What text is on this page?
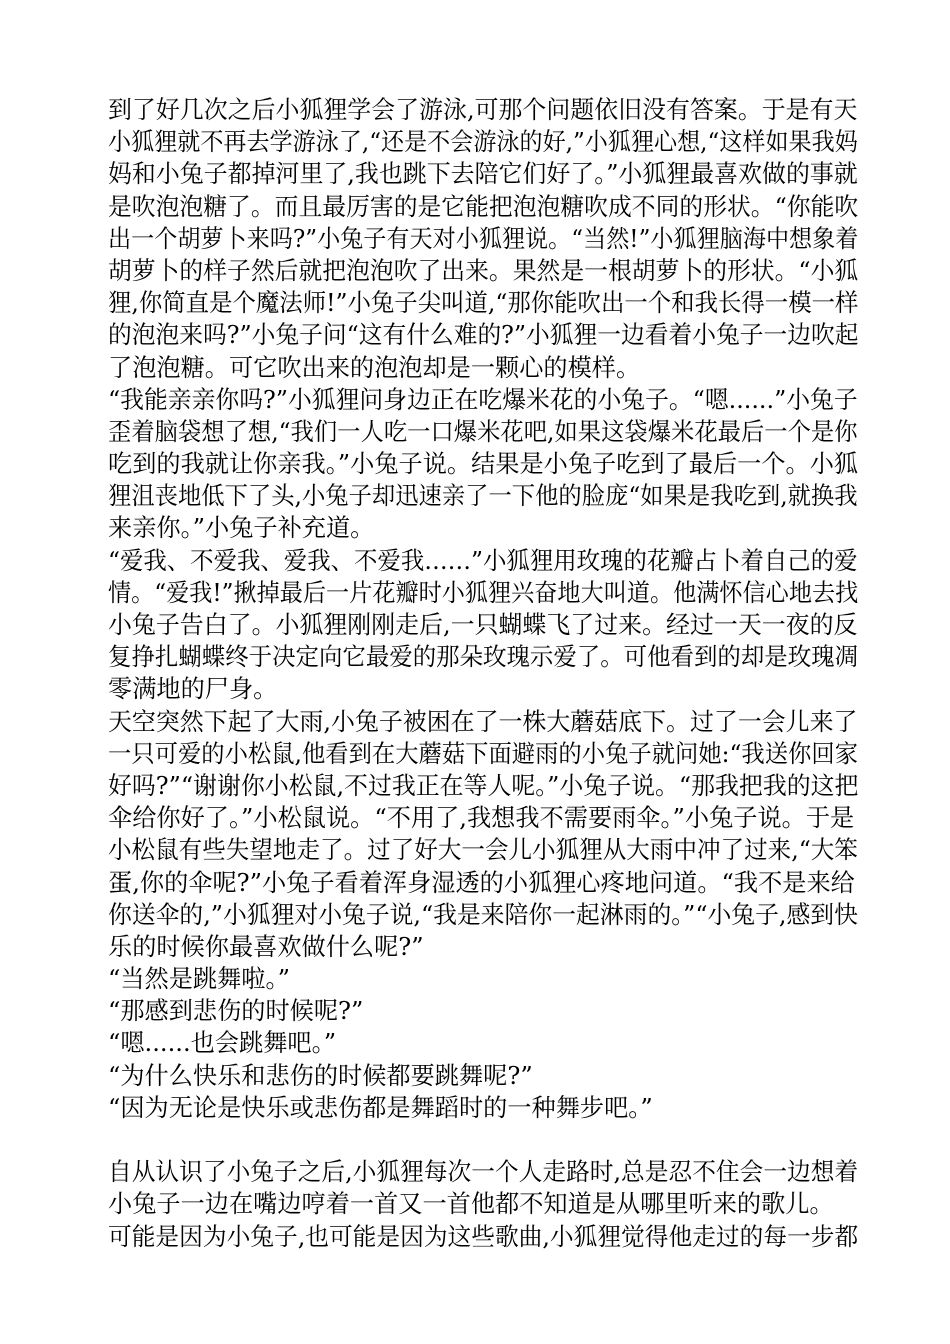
到了好几次之后小狐狸学会了游泳,可那个问题依旧没有答案。于是有天
小狐狸就不再去学游泳了,“还是不会游泳的好,”小狐狸心想,“这样如果我妈
妈和小兔子都掉河里了,我也跳下去陪它们好了。”小狐狸最喜欢做的事就
是吹泡泡糖了。而且最厉害的是它能把泡泡糖吹成不同的形状。“你能吹
出一个胡萝卜来吗?”小兔子有天对小狐狸说。“当然!”小狐狸脑海中想象着
胡萝卜的样子然后就把泡泡吹了出来。果然是一根胡萝卜的形状。“小狐
狸,你简直是个魔法师!”小兔子尖叫道,“那你能吹出一个和我长得一模一样
的泡泡来吗?”小兔子问“这有什么难的?”小狐狸一边看着小兔子一边吹起
了泡泡糖。可它吹出来的泡泡却是一颗心的模样。
“我能亲亲你吗?”小狐狸问身边正在吃爆米花的小兔子。“嗯......”小兔子
歪着脑袋想了想,“我们一人吃一口爆米花吧,如果这袋爆米花最后一个是你
吃到的我就让你亲我。”小兔子说。结果是小兔子吃到了最后一个。小狐
狸沮丧地低下了头,小兔子却迅速亲了一下他的脸庞“如果是我吃到,就换我
来亲你。”小兔子补充道。
“爱我、不爱我、爱我、不爱我……”小狐狸用玫瑰的花瓣占卜着自己的爱
情。“爱我!”揪掉最后一片花瓣时小狐狸兴奋地大叫道。他满怀信心地去找
小兔子告白了。小狐狸刚刚走后,一只蝴蝶飞了过来。经过一天一夜的反
复挣扎蝴蝶终于决定向它最爱的那朵玫瑰示爱了。可他看到的却是玫瑰凋
零满地的尸身。
天空突然下起了大雨,小兔子被困在了一株大蘑菇底下。过了一会儿来了
一只可爱的小松鼠,他看到在大蘑菇下面避雨的小兔子就问她:“我送你回家
好吗?”“谢谢你小松鼠,不过我正在等人呢。”小兔子说。“那我把我的这把
伞给你好了。”小松鼠说。“不用了,我想我不需要雨伞。”小兔子说。于是
小松鼠有些失望地走了。过了好大一会儿小狐狸从大雨中冲了过来,“大笨
蛋,你的伞呢?”小兔子看着浑身湿透的小狐狸心疼地问道。“我不是来给
你送伞的,”小狐狸对小兔子说,“我是来陪你一起淋雨的。”“小兔子,感到快
乐的时候你最喜欢做什么呢?”
“当然是跳舞啦。”
“那感到悲伤的时候呢?”
“嗯......也会跳舞吧。”
“为什么快乐和悲伤的时候都要跳舞呢?”
“因为无论是快乐或悲伤都是舞蹈时的一种舞步吧。”
自从认识了小兔子之后,小狐狸每次一个人走路时,总是忍不住会一边想着
小兔子一边在嘴边哼着一首又一首他都不知道是从哪里听来的歌儿。
可能是因为小兔子,也可能是因为这些歌曲,小狐狸觉得他走过的每一步都
